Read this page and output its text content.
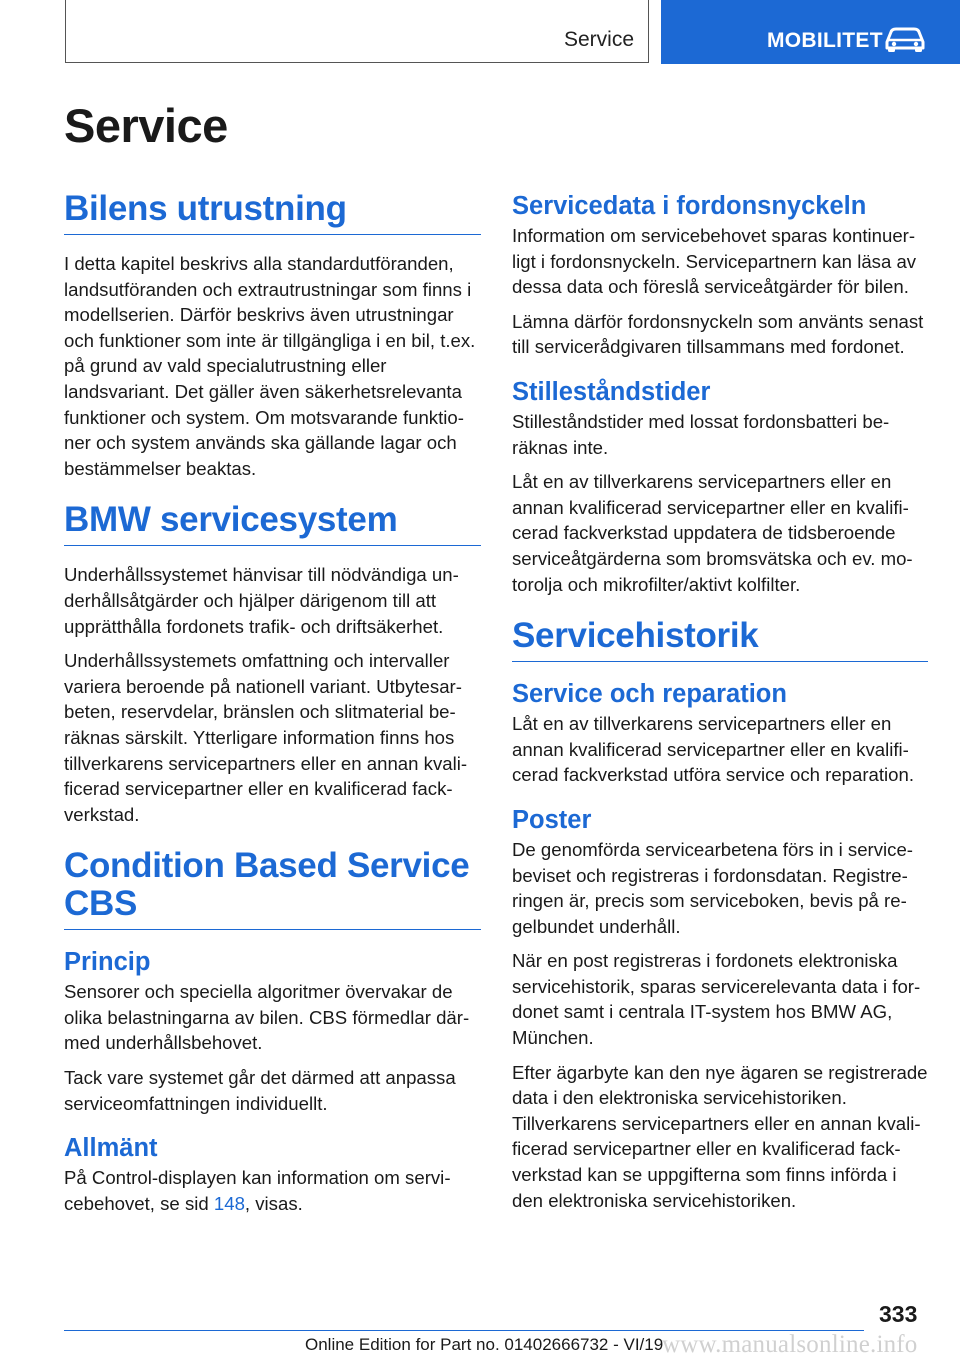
Service	MOBILITET
Service
Bilens utrustning

I detta kapitel beskrivs alla standardutföranden, landsutföranden och extrautrustningar som finns i modellserien. Därför beskrivs även utrustningar och funktioner som inte är tillgängliga i en bil, t.ex. på grund av vald specialutrustning eller landsvariant. Det gäller även säkerhetsrelevanta funktioner och system. Om motsvarande funktioner och system används ska gällande lagar och bestämmelser beaktas.

BMW servicesystem

Underhållssystemet hänvisar till nödvändiga underhållsåtgärder och hjälper därigenom till att upprätthålla fordonets trafik- och driftsäkerhet.

Underhållssystemets omfattning och intervaller variera beroende på nationell variant. Utbytesarbeten, reservdelar, bränslen och slitmaterial beräknas särskilt. Ytterligare information finns hos tillverkarens servicepartners eller en annan kvalificerad servicepartner eller en kvalificerad fackverkstad.

Condition Based Service CBS
Princip

Sensorer och speciella algoritmer övervakar de olika belastningarna av bilen. CBS förmedlar därmed underhållsbehovet.

Tack vare systemet går det därmed att anpassa serviceomfattningen individuellt.

Allmänt

På Control-displayen kan information om servicebehovet, se sid 148, visas.

Servicedata i fordonsnyckeln

Information om servicebehovet sparas kontinuerligt i fordonsnyckeln. Servicepartnern kan läsa av dessa data och föreslå serviceåtgärder för bilen.

Lämna därför fordonsnyckeln som använts senast till servicerådgivaren tillsammans med fordonet.

Stilleståndstider

Stilleståndstider med lossat fordonsbatteri beräknas inte.

Låt en av tillverkarens servicepartners eller en annan kvalificerad servicepartner eller en kvalificerad fackverkstad uppdatera de tidsberoende serviceåtgärderna som bromsvätska och ev. motorolja och mikrofilter/aktivt kolfilter.

Servicehistorik
Service och reparation

Låt en av tillverkarens servicepartners eller en annan kvalificerad servicepartner eller en kvalificerad fackverkstad utföra service och reparation.

Poster

De genomförda servicearbetena förs in i servicebeviset och registreras i fordonsdatan. Registreringen är, precis som serviceboken, bevis på regelbundet underhåll.

När en post registreras i fordonets elektroniska servicehistorik, sparas servicerelevanta data i fordonet samt i centrala IT-system hos BMW AG, München.

Efter ägarbyte kan den nye ägaren se registrerade data i den elektroniska servicehistoriken. Tillverkarens servicepartners eller en annan kvalificerad servicepartner eller en kvalificerad fackverkstad kan se uppgifterna som finns införda i den elektroniska servicehistoriken.

333
Online Edition for Part no. 01402666732 - VI/19
www.manualsonline.info
